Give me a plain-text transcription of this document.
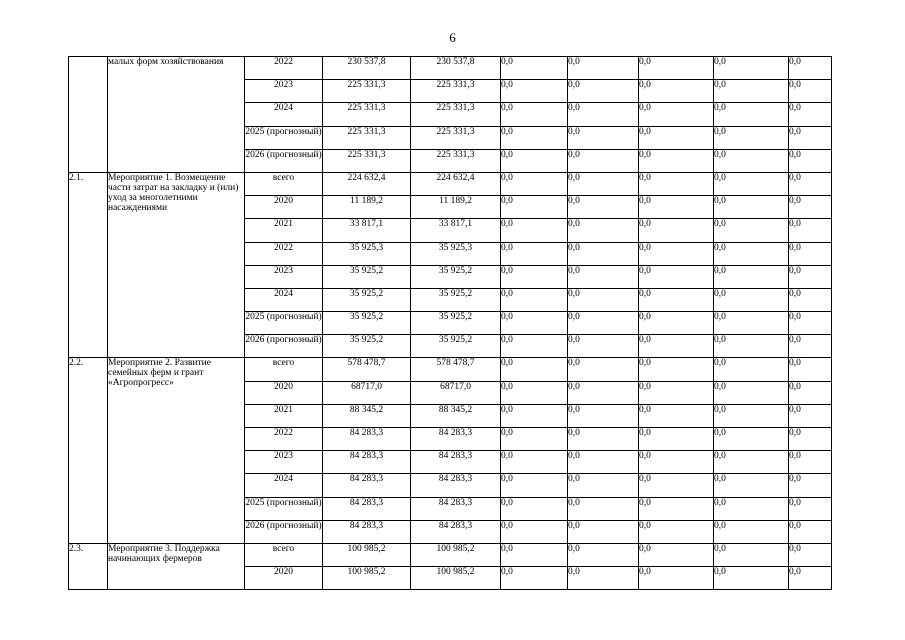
6
	малых форм хозяйствования	2022	230 537,8	230 537,8	0,0	0,0	0,0	0,0	0,0
		2023	225 331,3	225 331,3	0,0	0,0	0,0	0,0	0,0
		2024	225 331,3	225 331,3	0,0	0,0	0,0	0,0	0,0
		2025 (прогнозный)	225 331,3	225 331,3	0,0	0,0	0,0	0,0	0,0
		2026 (прогнозный)	225 331,3	225 331,3	0,0	0,0	0,0	0,0	0,0
2.1.	Мероприятие 1. Возмещение части затрат на закладку и (или) уход за многолетними насаждениями	всего	224 632,4	224 632,4	0,0	0,0	0,0	0,0	0,0
		2020	11 189,2	11 189,2	0,0	0,0	0,0	0,0	0,0
		2021	33 817,1	33 817,1	0,0	0,0	0,0	0,0	0,0
		2022	35 925,3	35 925,3	0,0	0,0	0,0	0,0	0,0
		2023	35 925,2	35 925,2	0,0	0,0	0,0	0,0	0,0
		2024	35 925,2	35 925,2	0,0	0,0	0,0	0,0	0,0
		2025 (прогнозный)	35 925,2	35 925,2	0,0	0,0	0,0	0,0	0,0
		2026 (прогнозный)	35 925,2	35 925,2	0,0	0,0	0,0	0,0	0,0
2.2.	Мероприятие 2. Развитие семейных ферм и грант «Агропрогресс»	всего	578 478,7	578 478,7	0,0	0,0	0,0	0,0	0,0
		2020	68717,0	68717,0	0,0	0,0	0,0	0,0	0,0
		2021	88 345,2	88 345,2	0,0	0,0	0,0	0,0	0,0
		2022	84 283,3	84 283,3	0,0	0,0	0,0	0,0	0,0
		2023	84 283,3	84 283,3	0,0	0,0	0,0	0,0	0,0
		2024	84 283,3	84 283,3	0,0	0,0	0,0	0,0	0,0
		2025 (прогнозный)	84 283,3	84 283,3	0,0	0,0	0,0	0,0	0,0
		2026 (прогнозный)	84 283,3	84 283,3	0,0	0,0	0,0	0,0	0,0
2.3.	Мероприятие 3. Поддержка начинающих фермеров	всего	100 985,2	100 985,2	0,0	0,0	0,0	0,0	0,0
		2020	100 985,2	100 985,2	0,0	0,0	0,0	0,0	0,0
